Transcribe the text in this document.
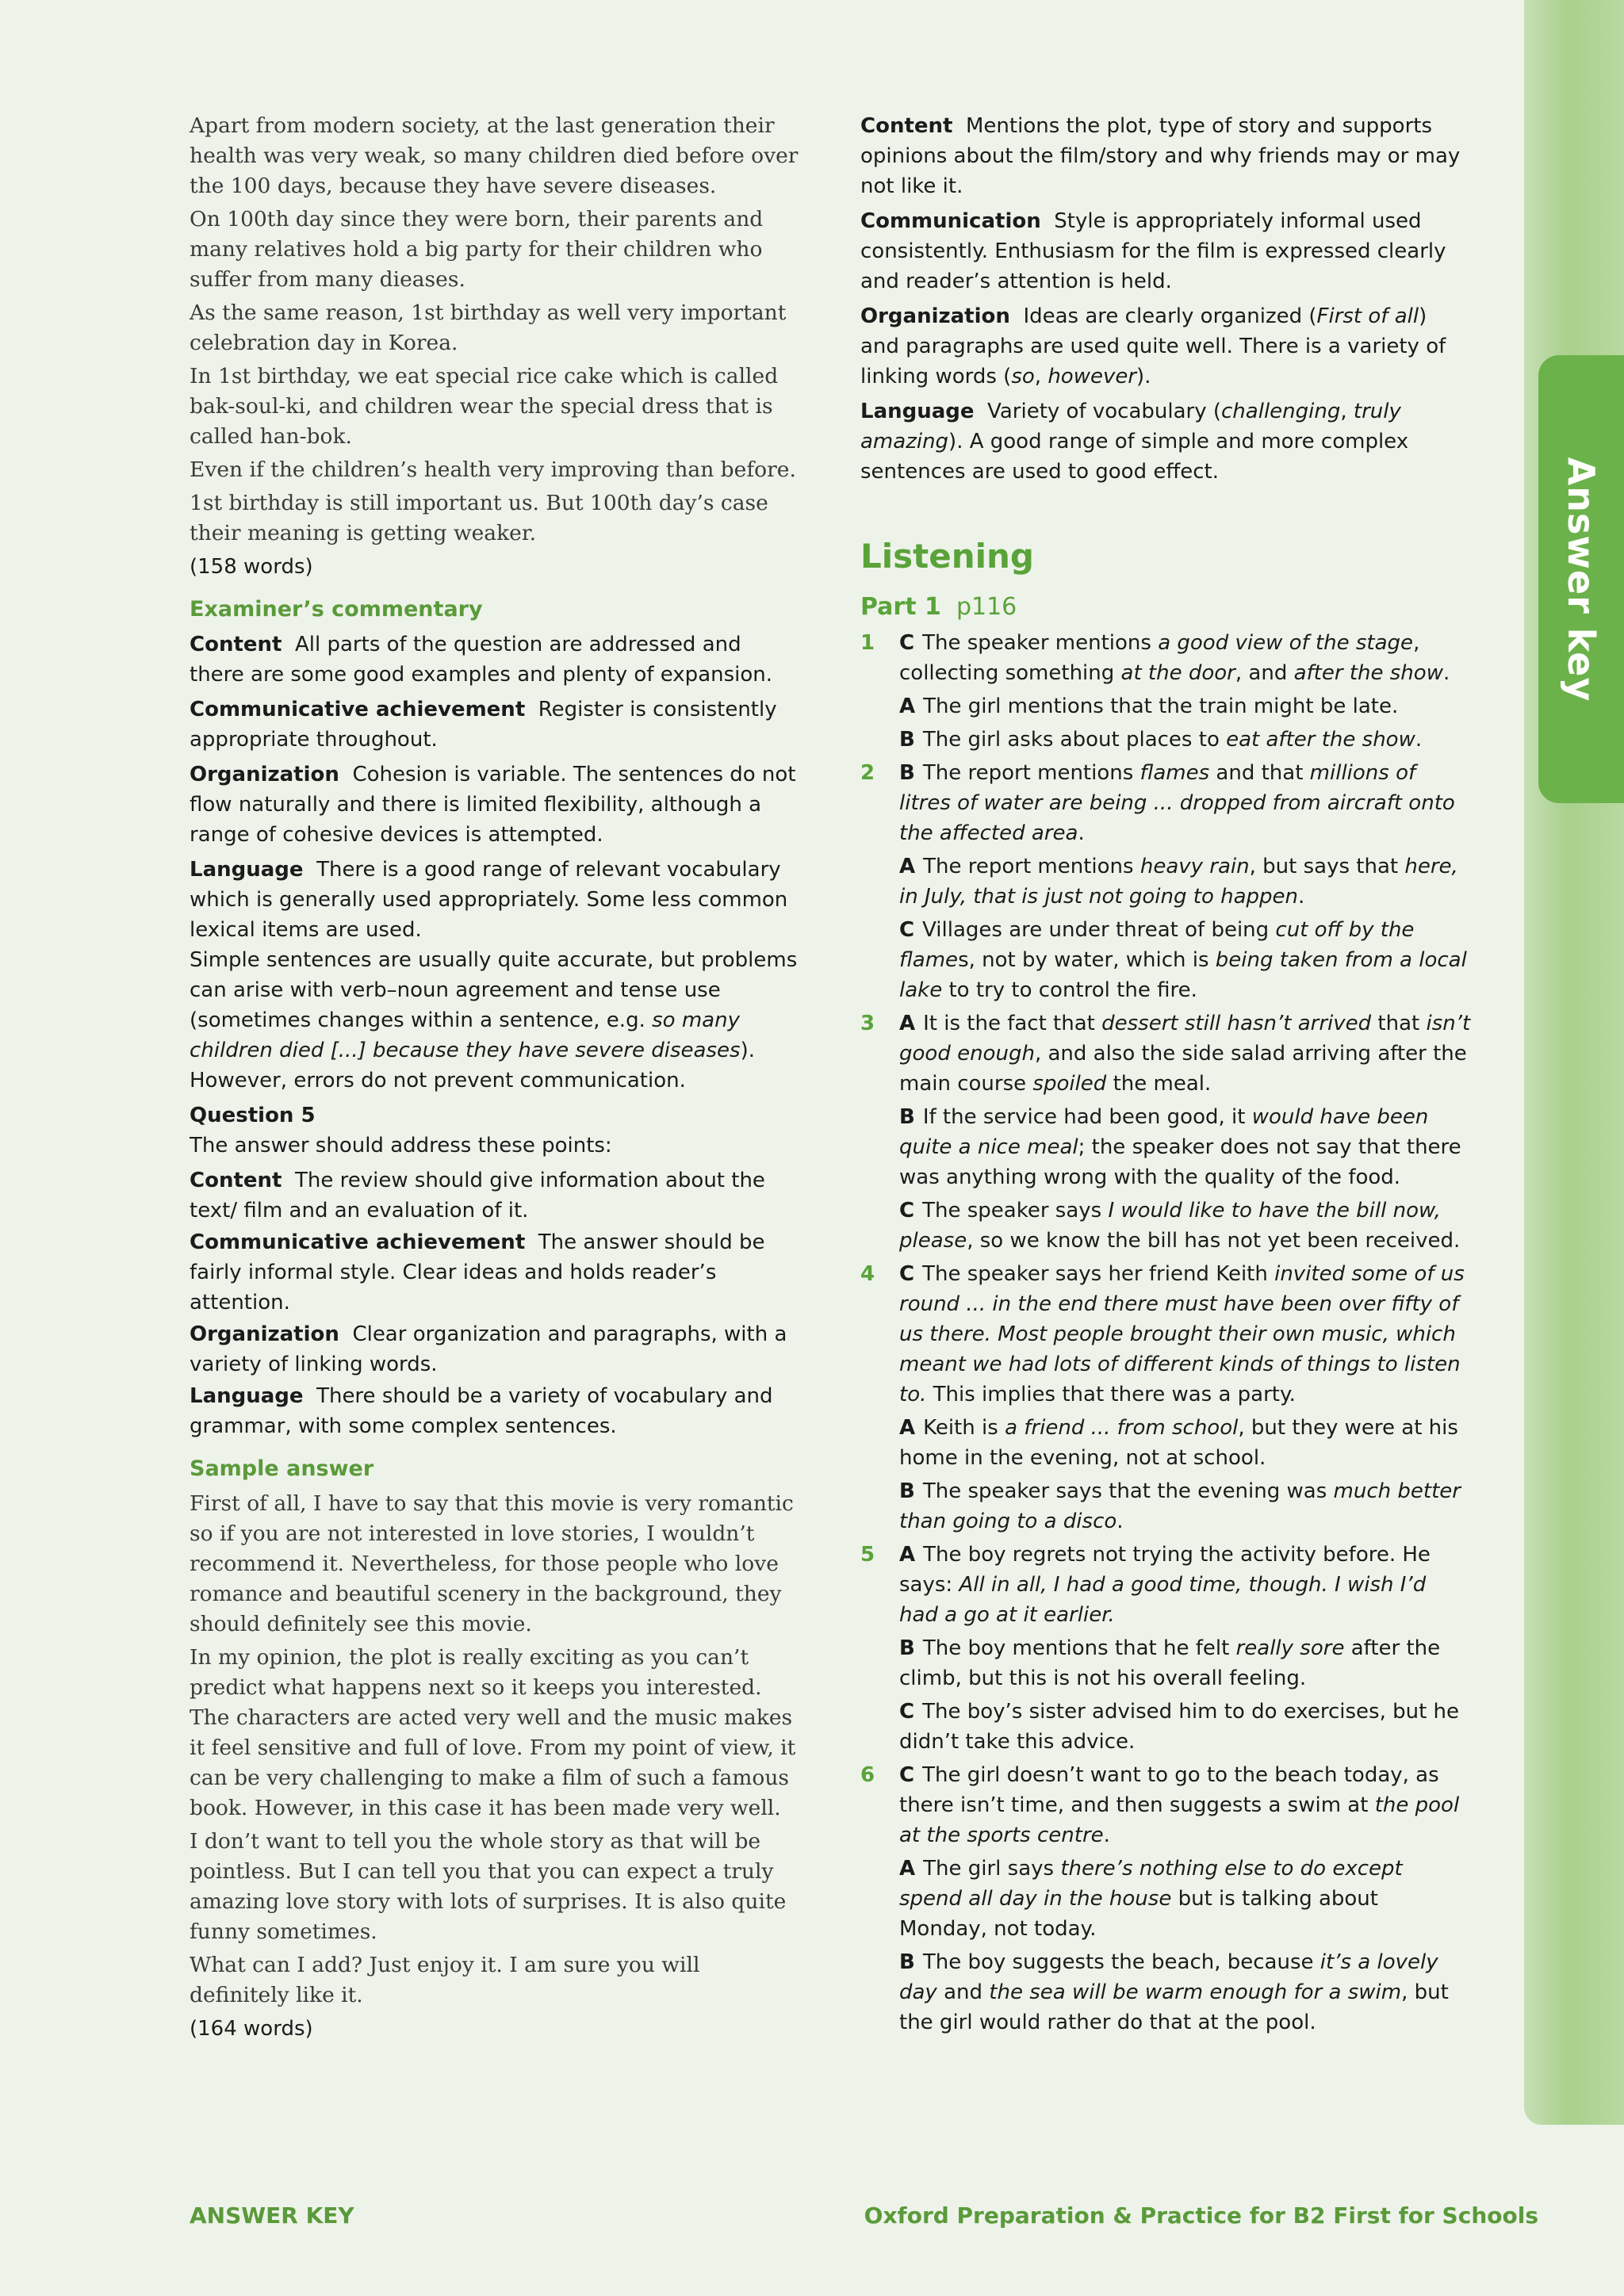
Answer key

Apart from modern society, at the last generation their health was very weak, so many children died before over the 100 days, because they have severe diseases.

On 100th day since they were born, their parents and many relatives hold a big party for their children who suffer from many dieases.

As the same reason, 1st birthday as well very important celebration day in Korea.

In 1st birthday, we eat special rice cake which is called bak-soul-ki, and children wear the special dress that is called han-bok.

Even if the children’s health very improving than before.

1st birthday is still important us. But 100th day’s case their meaning is getting weaker.

(158 words)

Examiner’s commentary

Content All parts of the question are addressed and there are some good examples and plenty of expansion.

Communicative achievement Register is consistently appropriate throughout.

Organization Cohesion is variable. The sentences do not flow naturally and there is limited flexibility, although a range of cohesive devices is attempted.

Language There is a good range of relevant vocabulary which is generally used appropriately. Some less common lexical items are used.

Simple sentences are usually quite accurate, but problems can arise with verb–noun agreement and tense use (sometimes changes within a sentence, e.g. so many children died [...] because they have severe diseases). However, errors do not prevent communication.

Question 5

The answer should address these points:

Content The review should give information about the text/ film and an evaluation of it.

Communicative achievement The answer should be fairly informal style. Clear ideas and holds reader’s attention.

Organization Clear organization and paragraphs, with a variety of linking words.

Language There should be a variety of vocabulary and grammar, with some complex sentences.

Sample answer

First of all, I have to say that this movie is very romantic so if you are not interested in love stories, I wouldn’t recommend it. Nevertheless, for those people who love romance and beautiful scenery in the background, they should definitely see this movie.

In my opinion, the plot is really exciting as you can’t predict what happens next so it keeps you interested. The characters are acted very well and the music makes it feel sensitive and full of love. From my point of view, it can be very challenging to make a film of such a famous book. However, in this case it has been made very well.

I don’t want to tell you the whole story as that will be pointless. But I can tell you that you can expect a truly amazing love story with lots of surprises. It is also quite funny sometimes.

What can I add? Just enjoy it. I am sure you will definitely like it.

(164 words)

Content Mentions the plot, type of story and supports opinions about the film/story and why friends may or may not like it.

Communication Style is appropriately informal used consistently. Enthusiasm for the film is expressed clearly and reader’s attention is held.

Organization Ideas are clearly organized (First of all) and paragraphs are used quite well. There is a variety of linking words (so, however).

Language Variety of vocabulary (challenging, truly amazing). A good range of simple and more complex sentences are used to good effect.

Listening
Part 1 p116
1 C The speaker mentions a good view of the stage, collecting something at the door, and after the show.

A The girl mentions that the train might be late.

B The girl asks about places to eat after the show.

2 B The report mentions flames and that millions of litres of water are being ... dropped from aircraft onto the affected area.

A The report mentions heavy rain, but says that here, in July, that is just not going to happen.

C Villages are under threat of being cut off by the flames, not by water, which is being taken from a local lake to try to control the fire.

3 A It is the fact that dessert still hasn’t arrived that isn’t good enough, and also the side salad arriving after the main course spoiled the meal.

B If the service had been good, it would have been quite a nice meal; the speaker does not say that there was anything wrong with the quality of the food.

C The speaker says I would like to have the bill now, please, so we know the bill has not yet been received.

4 C The speaker says her friend Keith invited some of us round ... in the end there must have been over fifty of us there. Most people brought their own music, which meant we had lots of different kinds of things to listen to. This implies that there was a party.

A Keith is a friend ... from school, but they were at his home in the evening, not at school.

B The speaker says that the evening was much better than going to a disco.

5 A The boy regrets not trying the activity before. He says: All in all, I had a good time, though. I wish I’d had a go at it earlier.

B The boy mentions that he felt really sore after the climb, but this is not his overall feeling.

C The boy’s sister advised him to do exercises, but he didn’t take this advice.

6 C The girl doesn’t want to go to the beach today, as there isn’t time, and then suggests a swim at the pool at the sports centre.

A The girl says there’s nothing else to do except spend all day in the house but is talking about Monday, not today.

B The boy suggests the beach, because it’s a lovely day and the sea will be warm enough for a swim, but the girl would rather do that at the pool.

ANSWER KEY	Oxford Preparation & Practice for B2 First for Schools
